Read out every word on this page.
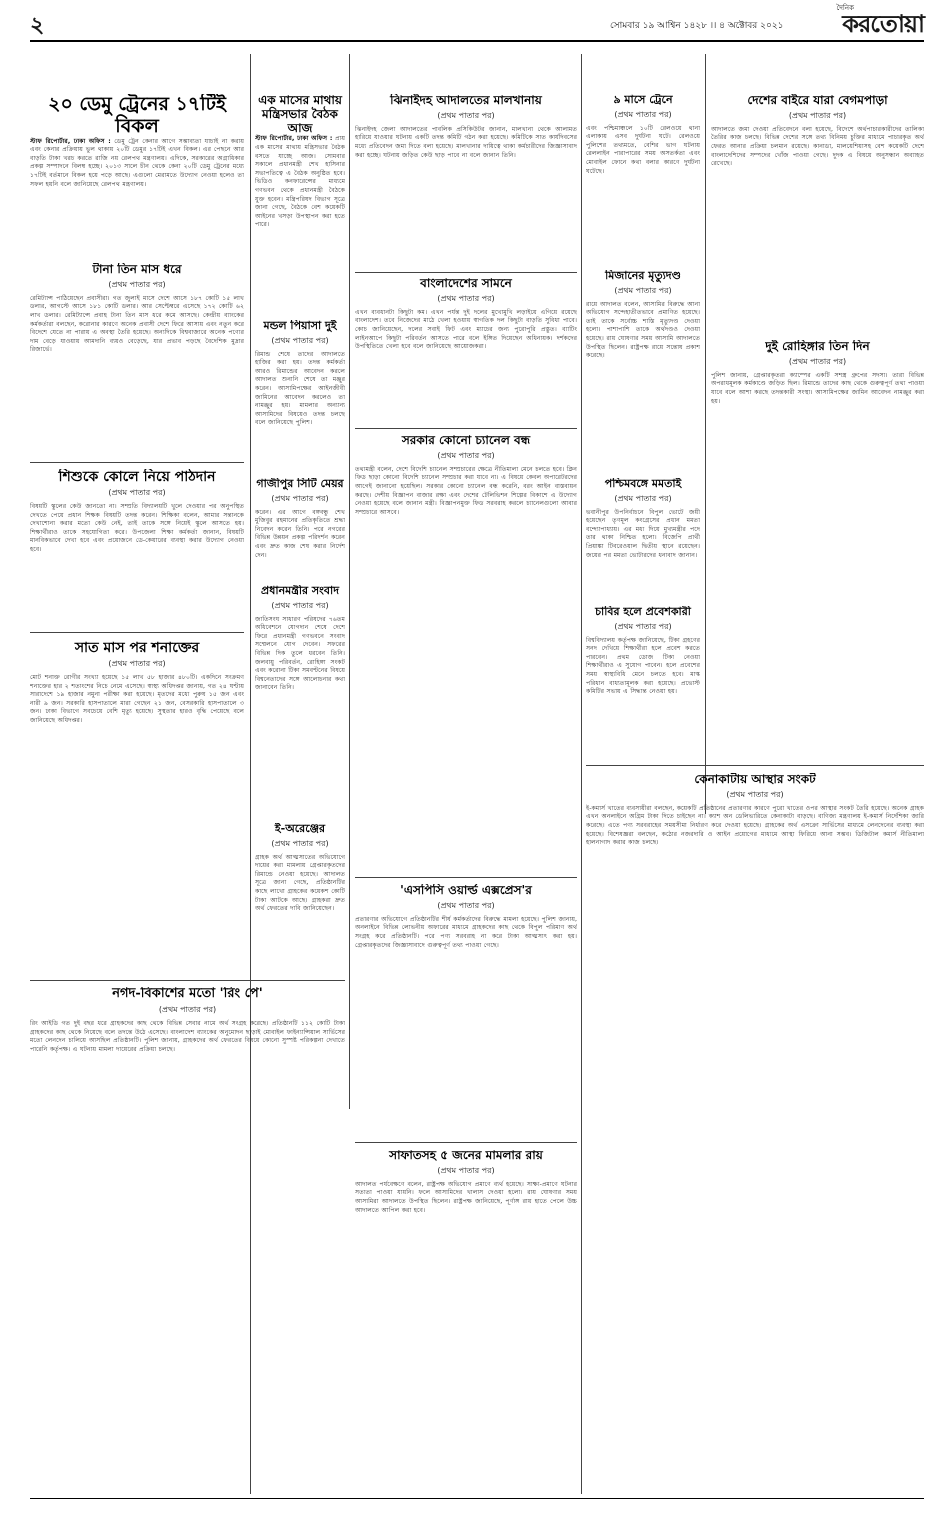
২	সোমবার ১৯ আশ্বিন ১৪২৮ ।। ৪ অক্টোবর ২০২১
দৈনিক
করতোয়া
২০ ডেমু ট্রেনের ১৭টিই বিকল

স্টাফ রিপোর্টার, ঢাকা অফিস : ডেমু ট্রেন কেনার আগে সম্ভাব্যতা যাচাই না করায় এবং কেনার প্রক্রিয়ায় ভুল থাকায় ২০টি ডেমুর ১৭টিই এখন বিকল। এর পেছনে আর বাড়তি টাকা খরচ করতে রাজি নয় রেলপথ মন্ত্রণালয়। এদিকে, সরকারের অগ্রাধিকার প্রকল্প সম্পাদনে বিলম্ব হচ্ছে। ২০১৩ সালে চীন থেকে কেনা ২০টি ডেমু ট্রেনের মধ্যে ১৭টিই বর্তমানে বিকল হয়ে পড়ে আছে। এগুলো মেরামতে উদ্যোগ নেওয়া হলেও তা সফল হয়নি বলে জানিয়েছে রেলপথ মন্ত্রণালয়।

টানা তিন মাস ধরে
(প্রথম পাতার পর)

রেমিট্যান্স পাঠিয়েছেন প্রবাসীরা। গত জুলাই মাসে দেশে আসে ১৮৭ কোটি ১৫ লাখ ডলার, আগস্টে আসে ১৮১ কোটি ডলার। আর সেপ্টেম্বরে এসেছে ১৭২ কোটি ৬২ লাখ ডলার। রেমিট্যান্সে প্রবাহ টানা তিন মাস ধরে কমে আসছে। কেন্দ্রীয় ব্যাংকের কর্মকর্তারা বলছেন, করোনার কারণে অনেক প্রবাসী দেশে ফিরে আসায় এবং নতুন করে বিদেশে যেতে না পারায় এ অবস্থা তৈরি হয়েছে। অন্যদিকে বিশ্ববাজারে অনেক পণ্যের দাম বেড়ে যাওয়ায় আমদানি ব্যয়ও বেড়েছে, যার প্রভাব পড়ছে বৈদেশিক মুদ্রার রিজার্ভে।

শিশুকে কোলে নিয়ে পাঠদান
(প্রথম পাতার পর)

বিষয়টি স্কুলের কেউ জানতো না। সম্প্রতি বিদ্যালয়টি খুলে দেওয়ার পর অনুপস্থিত দেখতে পেয়ে প্রধান শিক্ষক বিষয়টি তদন্ত করেন। শিক্ষিকা বলেন, আমার সন্তানকে দেখাশোনা করার মতো কেউ নেই, তাই তাকে সঙ্গে নিয়েই স্কুলে আসতে হয়। শিক্ষার্থীরাও তাকে সহযোগিতা করে। উপজেলা শিক্ষা কর্মকর্তা জানান, বিষয়টি মানবিকভাবে দেখা হবে এবং প্রয়োজনে ডে-কেয়ারের ব্যবস্থা করার উদ্যোগ নেওয়া হবে।

সাত মাস পর শনাক্তের
(প্রথম পাতার পর)

মোট শনাক্ত রোগীর সংখ্যা হয়েছে ১৫ লাখ ৫৮ হাজার ৪৮০টি। একদিনে সংক্রমণ শনাক্তের হার ২ শতাংশের নিচে নেমে এসেছে। স্বাস্থ্য অধিদপ্তর জানায়, গত ২৪ ঘণ্টায় সারাদেশে ১৯ হাজার নমুনা পরীক্ষা করা হয়েছে। মৃতদের মধ্যে পুরুষ ১৫ জন এবং নারী ৯ জন। সরকারি হাসপাতালে মারা গেছেন ২১ জন, বেসরকারি হাসপাতালে ৩ জন। ঢাকা বিভাগে সবচেয়ে বেশি মৃত্যু হয়েছে। সুস্থতার হারও বৃদ্ধি পেয়েছে বলে জানিয়েছে অধিদপ্তর।

নগদ-বিকাশের মতো 'রিং পে'
(প্রথম পাতার পর)

রিং আইডি গত দুই বছর ধরে গ্রাহকদের কাছ থেকে বিভিন্ন সেবার নামে অর্থ সংগ্রহ করেছে। প্রতিষ্ঠানটি ১১২ কোটি টাকা গ্রাহকদের কাছ থেকে নিয়েছে বলে তদন্তে উঠে এসেছে। বাংলাদেশ ব্যাংকের অনুমোদন ছাড়াই মোবাইল ফাইন্যান্সিয়াল সার্ভিসের মতো লেনদেন চালিয়ে আসছিল প্রতিষ্ঠানটি। পুলিশ জানায়, গ্রাহকদের অর্থ ফেরতের বিষয়ে কোনো সুস্পষ্ট পরিকল্পনা দেখাতে পারেনি কর্তৃপক্ষ। এ ঘটনায় মামলা দায়েরের প্রক্রিয়া চলছে।

এক মাসের মাথায় মন্ত্রিসভার বৈঠক আজ

স্টাফ রিপোর্টার, ঢাকা অফিস : প্রায় এক মাসের মাথায় মন্ত্রিসভার বৈঠক বসতে যাচ্ছে আজ। সোমবার সকালে প্রধানমন্ত্রী শেখ হাসিনার সভাপতিত্বে এ বৈঠক অনুষ্ঠিত হবে। ভিডিও কনফারেন্সের মাধ্যমে গণভবন থেকে প্রধানমন্ত্রী বৈঠকে যুক্ত হবেন। মন্ত্রিপরিষদ বিভাগ সূত্রে জানা গেছে, বৈঠকে বেশ কয়েকটি আইনের খসড়া উপস্থাপন করা হতে পারে।

মন্ডল পিয়াসা দুই
(প্রথম পাতার পর)

রিমান্ড শেষে তাদের আদালতে হাজির করা হয়। তদন্ত কর্মকর্তা আরও রিমান্ডের আবেদন করলে আদালত শুনানি শেষে তা মঞ্জুর করেন। আসামিপক্ষের আইনজীবী জামিনের আবেদন করলেও তা নামঞ্জুর হয়। মামলার অন্যান্য আসামিদের বিষয়েও তদন্ত চলছে বলে জানিয়েছে পুলিশ।

গাজীপুর সিটি মেয়র
(প্রথম পাতার পর)

করেন। এর আগে বঙ্গবন্ধু শেখ মুজিবুর রহমানের প্রতিকৃতিতে শ্রদ্ধা নিবেদন করেন তিনি। পরে নগরের বিভিন্ন উন্নয়ন প্রকল্প পরিদর্শন করেন এবং দ্রুত কাজ শেষ করার নির্দেশ দেন।

প্রধানমন্ত্রীর সংবাদ
(প্রথম পাতার পর)

জাতিসংঘ সাধারণ পরিষদের ৭৬তম অধিবেশনে যোগদান শেষে দেশে ফিরে প্রধানমন্ত্রী গণভবনে সংবাদ সম্মেলনে যোগ দেবেন। সফরের বিভিন্ন দিক তুলে ধরবেন তিনি। জলবায়ু পরিবর্তন, রোহিঙ্গা সংকট এবং করোনা টিকা সমবণ্টনের বিষয়ে বিশ্বনেতাদের সঙ্গে আলোচনার কথা জানাবেন তিনি।

ই-অরেঞ্জের
(প্রথম পাতার পর)

গ্রাহক অর্থ আত্মসাতের অভিযোগে দায়ের করা মামলায় গ্রেপ্তারকৃতদের রিমান্ডে নেওয়া হয়েছে। আদালত সূত্রে জানা গেছে, প্রতিষ্ঠানটির কাছে লাখো গ্রাহকের কয়েকশ কোটি টাকা আটকে আছে। গ্রাহকরা দ্রুত অর্থ ফেরতের দাবি জানিয়েছেন।

ঝিনাইদহ আদালতের মালখানায়
(প্রথম পাতার পর)

ঝিনাইদহ জেলা আদালতের পাবলিক প্রসিকিউটর জানান, মালখানা থেকে আলামত হারিয়ে যাওয়ার ঘটনায় একটি তদন্ত কমিটি গঠন করা হয়েছে। কমিটিকে সাত কার্যদিবসের মধ্যে প্রতিবেদন জমা দিতে বলা হয়েছে। মালখানার দায়িত্বে থাকা কর্মচারীদের জিজ্ঞাসাবাদ করা হচ্ছে। ঘটনায় জড়িত কেউ ছাড় পাবে না বলে জানান তিনি।

বাংলাদেশের সামনে
(প্রথম পাতার পর)

এখন ব্যবধানটা কিছুটা কম। এখন পর্যন্ত দুই দলের মুখোমুখি লড়াইয়ে এগিয়ে রয়েছে বাংলাদেশ। তবে নিজেদের মাঠে খেলা হওয়ায় স্বাগতিক দল কিছুটা বাড়তি সুবিধা পাবে। কোচ জানিয়েছেন, দলের সবাই ফিট এবং ম্যাচের জন্য পুরোপুরি প্রস্তুত। ব্যাটিং লাইনআপে কিছুটা পরিবর্তন আসতে পারে বলে ইঙ্গিত দিয়েছেন অধিনায়ক। দর্শকদের উপস্থিতিতে খেলা হবে বলে জানিয়েছে আয়োজকরা।

সরকার কোনো চ্যানেল বন্ধ
(প্রথম পাতার পর)

তথ্যমন্ত্রী বলেন, দেশে বিদেশি চ্যানেল সম্প্রচারের ক্ষেত্রে নীতিমালা মেনে চলতে হবে। ক্লিন ফিড ছাড়া কোনো বিদেশি চ্যানেল সম্প্রচার করা যাবে না। এ বিষয়ে কেবল অপারেটরদের আগেই জানানো হয়েছিল। সরকার কোনো চ্যানেল বন্ধ করেনি, বরং আইন বাস্তবায়ন করছে। দেশীয় বিজ্ঞাপন বাজার রক্ষা এবং দেশের টেলিভিশন শিল্পের বিকাশে এ উদ্যোগ নেওয়া হয়েছে বলে জানান মন্ত্রী। বিজ্ঞাপনমুক্ত ফিড সরবরাহ করলে চ্যানেলগুলো আবার সম্প্রচারে আসবে।

'এসপিসি ওয়ার্ল্ড এক্সপ্রেস'র
(প্রথম পাতার পর)

প্রতারণার অভিযোগে প্রতিষ্ঠানটির শীর্ষ কর্মকর্তাদের বিরুদ্ধে মামলা হয়েছে। পুলিশ জানায়, অনলাইনে বিভিন্ন লোভনীয় অফারের মাধ্যমে গ্রাহকদের কাছ থেকে বিপুল পরিমাণ অর্থ সংগ্রহ করে প্রতিষ্ঠানটি। পরে পণ্য সরবরাহ না করে টাকা আত্মসাৎ করা হয়। গ্রেপ্তারকৃতদের জিজ্ঞাসাবাদে গুরুত্বপূর্ণ তথ্য পাওয়া গেছে।

সাফাতসহ ৫ জনের মামলার রায়
(প্রথম পাতার পর)

আদালত পর্যবেক্ষণে বলেন, রাষ্ট্রপক্ষ অভিযোগ প্রমাণে ব্যর্থ হয়েছে। সাক্ষ্য-প্রমাণে ঘটনার সত্যতা পাওয়া যায়নি। ফলে আসামিদের খালাস দেওয়া হলো। রায় ঘোষণার সময় আসামিরা আদালতে উপস্থিত ছিলেন। রাষ্ট্রপক্ষ জানিয়েছে, পূর্ণাঙ্গ রায় হাতে পেলে উচ্চ আদালতে আপিল করা হবে।

৯ মাসে ট্রেনে
(প্রথম পাতার পর)

এবং পশ্চিমাঞ্চলে ১০টি রেলওয়ে থানা এলাকায় এসব দুর্ঘটনা ঘটে। রেলওয়ে পুলিশের তথ্যমতে, বেশির ভাগ ঘটনায় রেললাইন পারাপারের সময় অসতর্কতা এবং মোবাইল ফোনে কথা বলার কারণে দুর্ঘটনা ঘটেছে।

মিজানের মৃত্যুদণ্ড
(প্রথম পাতার পর)

রায়ে আদালত বলেন, আসামির বিরুদ্ধে আনা অভিযোগ সন্দেহাতীতভাবে প্রমাণিত হয়েছে। তাই তাকে সর্বোচ্চ শাস্তি মৃত্যুদণ্ড দেওয়া হলো। পাশাপাশি তাকে অর্থদণ্ডও দেওয়া হয়েছে। রায় ঘোষণার সময় আসামি আদালতে উপস্থিত ছিলেন। রাষ্ট্রপক্ষ রায়ে সন্তোষ প্রকাশ করেছে।

পশ্চিমবঙ্গে মমতাই
(প্রথম পাতার পর)

ভবানীপুর উপনির্বাচনে বিপুল ভোটে জয়ী হয়েছেন তৃণমূল কংগ্রেসের প্রধান মমতা বন্দ্যোপাধ্যায়। এর মধ্য দিয়ে মুখ্যমন্ত্রীর পদে তার থাকা নিশ্চিত হলো। বিজেপি প্রার্থী প্রিয়াঙ্কা টিবরেওয়াল দ্বিতীয় স্থানে রয়েছেন। জয়ের পর মমতা ভোটারদের ধন্যবাদ জানান।

চাবির হলে প্রবেশকারী
(প্রথম পাতার পর)

বিশ্ববিদ্যালয় কর্তৃপক্ষ জানিয়েছে, টিকা গ্রহণের সনদ দেখিয়ে শিক্ষার্থীরা হলে প্রবেশ করতে পারবেন। প্রথম ডোজ টিকা নেওয়া শিক্ষার্থীরাও এ সুযোগ পাবেন। হলে প্রবেশের সময় স্বাস্থ্যবিধি মেনে চলতে হবে। মাস্ক পরিধান বাধ্যতামূলক করা হয়েছে। প্রভোস্ট কমিটির সভায় এ সিদ্ধান্ত নেওয়া হয়।

দেশের বাইরে যারা বেগমপাড়া
(প্রথম পাতার পর)

আদালতে জমা দেওয়া প্রতিবেদনে বলা হয়েছে, বিদেশে অর্থপাচারকারীদের তালিকা তৈরির কাজ চলছে। বিভিন্ন দেশের সঙ্গে তথ্য বিনিময় চুক্তির মাধ্যমে পাচারকৃত অর্থ ফেরত আনার প্রক্রিয়া চলমান রয়েছে। কানাডা, মালয়েশিয়াসহ বেশ কয়েকটি দেশে বাংলাদেশিদের সম্পদের খোঁজ পাওয়া গেছে। দুদক এ বিষয়ে অনুসন্ধান অব্যাহত রেখেছে।

দুই রোহিঙ্গার তিন দিন
(প্রথম পাতার পর)

পুলিশ জানায়, গ্রেপ্তারকৃতরা ক্যাম্পের একটি সশস্ত্র গ্রুপের সদস্য। তারা বিভিন্ন অপরাধমূলক কর্মকাণ্ডে জড়িত ছিল। রিমান্ডে তাদের কাছ থেকে গুরুত্বপূর্ণ তথ্য পাওয়া যাবে বলে আশা করছে তদন্তকারী সংস্থা। আসামিপক্ষের জামিন আবেদন নামঞ্জুর করা হয়।

কেনাকাটায় আস্থার সংকট
(প্রথম পাতার পর)

ই-কমার্স খাতের ব্যবসায়ীরা বলছেন, কয়েকটি প্রতিষ্ঠানের প্রতারণার কারণে পুরো খাতের ওপর আস্থার সংকট তৈরি হয়েছে। অনেক গ্রাহক এখন অনলাইনে অগ্রিম টাকা দিতে চাইছেন না। ক্যাশ অন ডেলিভারিতে কেনাকাটা বাড়ছে। বাণিজ্য মন্ত্রণালয় ই-কমার্স নির্দেশিকা জারি করেছে। এতে পণ্য সরবরাহের সময়সীমা নির্ধারণ করে দেওয়া হয়েছে। গ্রাহকের অর্থ এসক্রো সার্ভিসের মাধ্যমে লেনদেনের ব্যবস্থা করা হয়েছে। বিশেষজ্ঞরা বলছেন, কঠোর নজরদারি ও আইন প্রয়োগের মাধ্যমে আস্থা ফিরিয়ে আনা সম্ভব। ডিজিটাল কমার্স নীতিমালা হালনাগাদ করার কাজ চলছে।
